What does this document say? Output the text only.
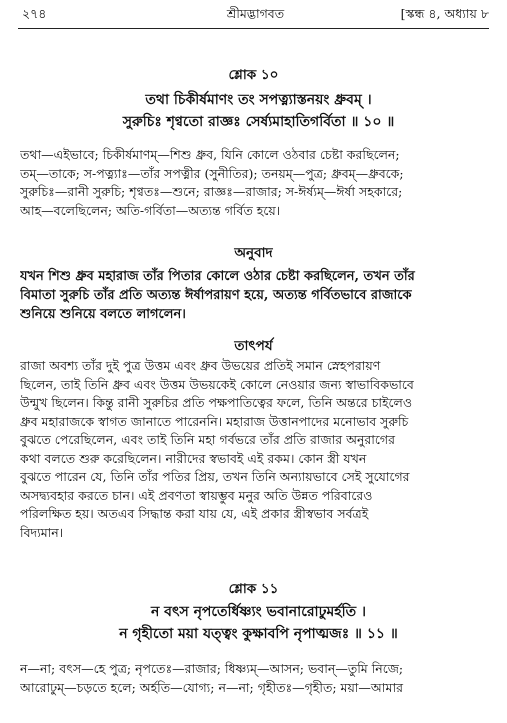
২৭৪	শ্রীমদ্ভাগবত	[স্কন্ধ ৪, অধ্যায় ৮
শ্লোক ১০
তথা চিকীর্ষমাণং তং সপত্ন্যাস্তনয়ং ধ্রুবম্ ।
সুরুচিঃ শৃণ্বতো রাজ্ঞঃ সের্ষ্যমাহাতিগর্বিতা ॥ ১০ ॥
তথা—এইভাবে; চিকীর্ষমাণম্—শিশু ধ্রুব, যিনি কোলে ওঠবার চেষ্টা করছিলেন;
তম্—তাকে; স-পত্ন্যাঃ—তাঁর সপত্নীর (সুনীতির); তনয়ম্—পুত্র; ধ্রুবম্—ধ্রুবকে;
সুরুচিঃ—রানী সুরুচি; শৃণ্বতঃ—শুনে; রাজ্ঞঃ—রাজার; স-ঈর্ষ্যম্—ঈর্ষা সহকারে;
আহ—বলেছিলেন; অতি-গর্বিতা—অত্যন্ত গর্বিত হয়ে।
অনুবাদ
যখন শিশু ধ্রুব মহারাজ তাঁর পিতার কোলে ওঠার চেষ্টা করছিলেন, তখন তাঁর
বিমাতা সুরুচি তাঁর প্রতি অত্যন্ত ঈর্ষাপরায়ণ হয়ে, অত্যন্ত গর্বিতভাবে রাজাকে
শুনিয়ে শুনিয়ে বলতে লাগলেন।
তাৎপর্য
রাজা অবশ্য তাঁর দুই পুত্র উত্তম এবং ধ্রুব উভয়ের প্রতিই সমান স্নেহপরায়ণ
ছিলেন, তাই তিনি ধ্রুব এবং উত্তম উভয়কেই কোলে নেওয়ার জন্য স্বাভাবিকভাবে
উন্মুখ ছিলেন। কিন্তু রানী সুরুচির প্রতি পক্ষপাতিত্বের ফলে, তিনি অন্তরে চাইলেও
ধ্রুব মহারাজকে স্বাগত জানাতে পারেননি। মহারাজ উত্তানপাদের মনোভাব সুরুচি
বুঝতে পেরেছিলেন, এবং তাই তিনি মহা গর্বভরে তাঁর প্রতি রাজার অনুরাগের
কথা বলতে শুরু করেছিলেন। নারীদের স্বভাবই এই রকম। কোন স্ত্রী যখন
বুঝতে পারেন যে, তিনি তাঁর পতির প্রিয়, তখন তিনি অন্যায়ভাবে সেই সুযোগের
অসদ্ব্যবহার করতে চান। এই প্রবণতা স্বায়ম্ভুব মনুর অতি উন্নত পরিবারেও
পরিলক্ষিত হয়। অতএব সিদ্ধান্ত করা যায় যে, এই প্রকার স্ত্রীস্বভাব সর্বত্রই
বিদ্যমান।
শ্লোক ১১
ন বৎস নৃপতের্ধিষ্ণ্যং ভবানারোঢুমর্হতি ।
ন গৃহীতো ময়া যত্ত্বং কুক্ষাবপি নৃপাত্মজঃ ॥ ১১ ॥
ন—না; বৎস—হে পুত্র; নৃপতেঃ—রাজার; ধিষ্ণ্যম্—আসন; ভবান্—তুমি নিজে;
আরোঢুম্—চড়তে হলে; অর্হতি—যোগ্য; ন—না; গৃহীতঃ—গৃহীত; ময়া—আমার
